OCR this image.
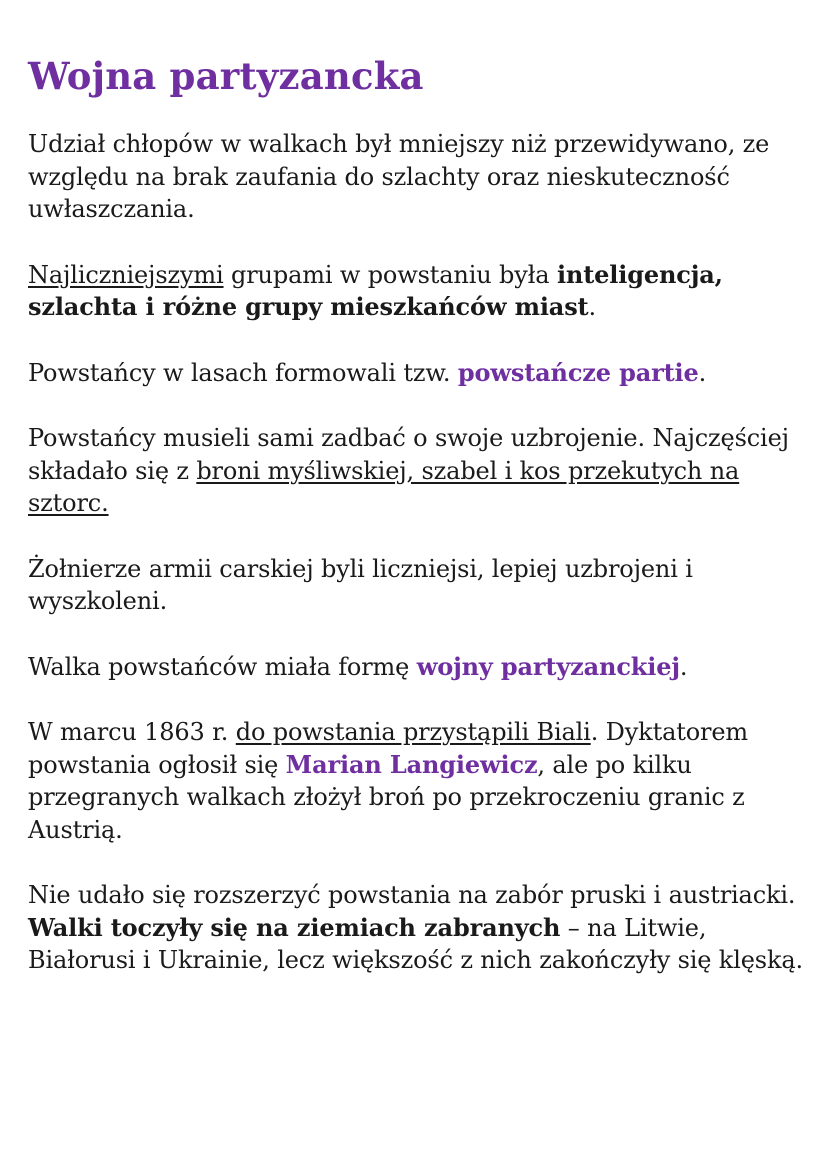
Wojna partyzancka

Udział chłopów w walkach był mniejszy niż przewidywano, ze względu na brak zaufania do szlachty oraz nieskuteczność uwłaszczania.

Najliczniejszymi grupami w powstaniu była inteligencja, szlachta i różne grupy mieszkańców miast.

Powstańcy w lasach formowali tzw. powstańcze partie.

Powstańcy musieli sami zadbać o swoje uzbrojenie. Najczęściej składało się z broni myśliwskiej, szabel i kos przekutych na sztorc.

Żołnierze armii carskiej byli liczniejsi, lepiej uzbrojeni i wyszkoleni.

Walka powstańców miała formę wojny partyzanckiej.

W marcu 1863 r. do powstania przystąpili Biali. Dyktatorem powstania ogłosił się Marian Langiewicz, ale po kilku przegranych walkach złożył broń po przekroczeniu granic z Austrią.

Nie udało się rozszerzyć powstania na zabór pruski i austriacki. Walki toczyły się na ziemiach zabranych – na Litwie, Białorusi i Ukrainie, lecz większość z nich zakończyły się klęską.
